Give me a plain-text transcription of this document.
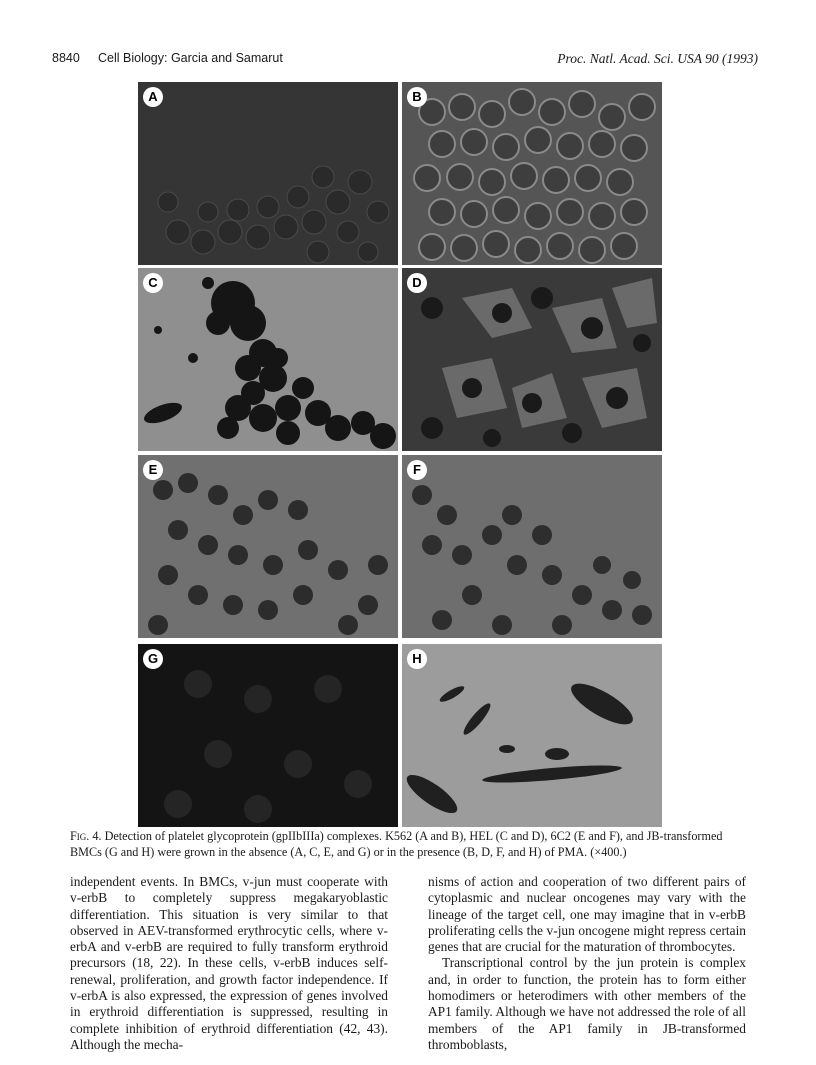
8840 Cell Biology: Garcia and Samarut	Proc. Natl. Acad. Sci. USA 90 (1993)
A	B
C	D
E	F
G	H
Fig. 4. Detection of platelet glycoprotein (gpIIbIIIa) complexes. K562 (A and B), HEL (C and D), 6C2 (E and F), and JB-transformed BMCs (G and H) were grown in the absence (A, C, E, and G) or in the presence (B, D, F, and H) of PMA. (×400.)

independent events. In BMCs, v-jun must cooperate with v-erbB to completely suppress megakaryoblastic differentiation. This situation is very similar to that observed in AEV-transformed erythrocytic cells, where v-erbA and v-erbB are required to fully transform erythroid precursors (18, 22). In these cells, v-erbB induces self-renewal, proliferation, and growth factor independence. If v-erbA is also expressed, the expression of genes involved in erythroid differentiation is suppressed, resulting in complete inhibition of erythroid differentiation (42, 43). Although the mecha-

nisms of action and cooperation of two different pairs of cytoplasmic and nuclear oncogenes may vary with the lineage of the target cell, one may imagine that in v-erbB proliferating cells the v-jun oncogene might repress certain genes that are crucial for the maturation of thrombocytes.

Transcriptional control by the jun protein is complex and, in order to function, the protein has to form either homodimers or heterodimers with other members of the AP1 family. Although we have not addressed the role of all members of the AP1 family in JB-transformed thromboblasts,
